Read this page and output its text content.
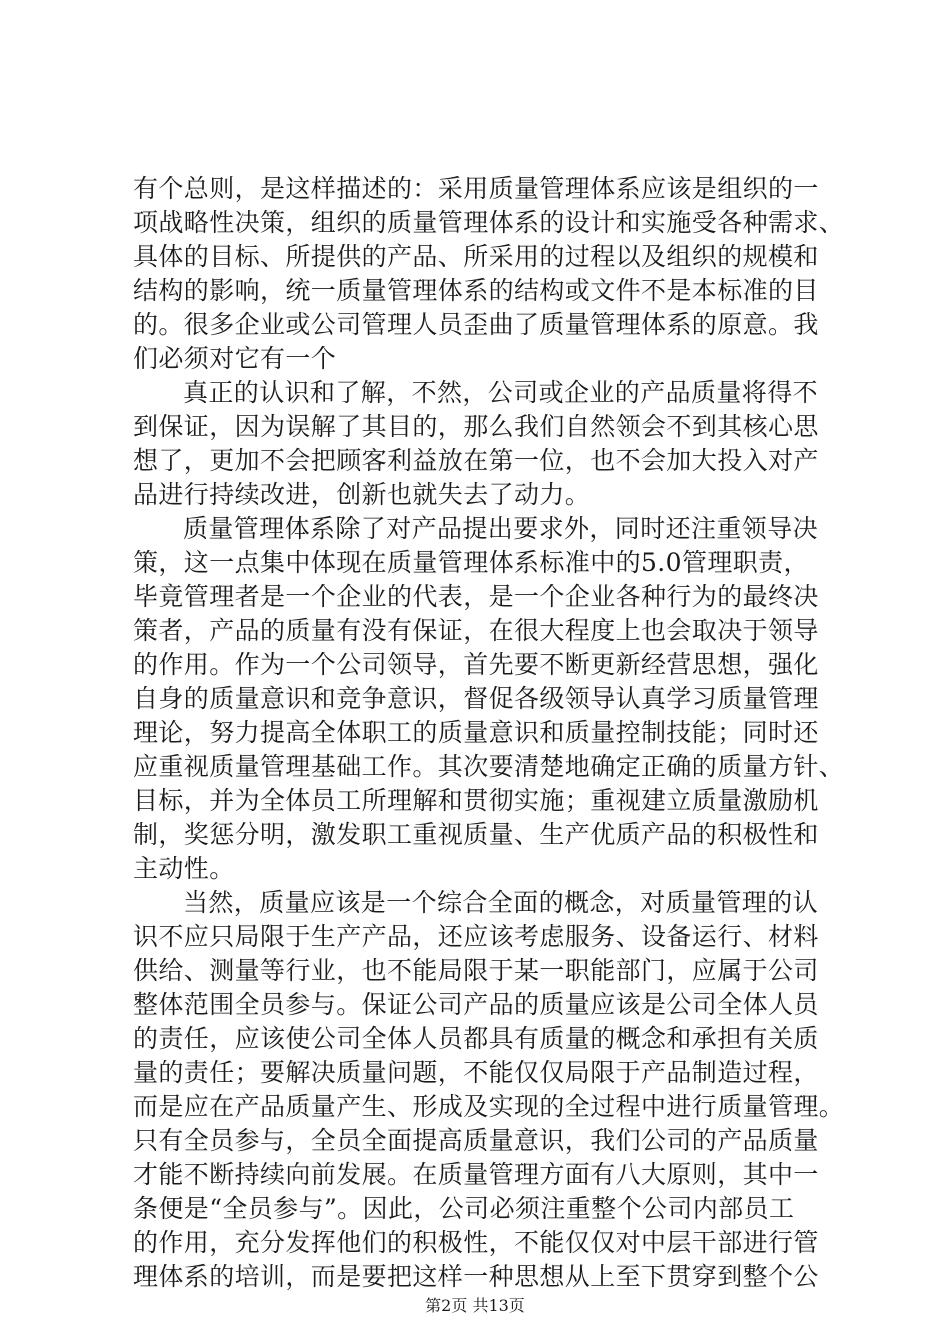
有个总则，是这样描述的：采用质量管理体系应该是组织的一
项战略性决策，组织的质量管理体系的设计和实施受各种需求、
具体的目标、所提供的产品、所采用的过程以及组织的规模和
结构的影响，统一质量管理体系的结构或文件不是本标准的目
的。很多企业或公司管理人员歪曲了质量管理体系的原意。我
们必须对它有一个
真正的认识和了解，不然，公司或企业的产品质量将得不
到保证，因为误解了其目的，那么我们自然领会不到其核心思
想了，更加不会把顾客利益放在第一位，也不会加大投入对产
品进行持续改进，创新也就失去了动力。
质量管理体系除了对产品提出要求外，同时还注重领导决
策，这一点集中体现在质量管理体系标准中的5.0管理职责，
毕竟管理者是一个企业的代表，是一个企业各种行为的最终决
策者，产品的质量有没有保证，在很大程度上也会取决于领导
的作用。作为一个公司领导，首先要不断更新经营思想，强化
自身的质量意识和竞争意识，督促各级领导认真学习质量管理
理论，努力提高全体职工的质量意识和质量控制技能；同时还
应重视质量管理基础工作。其次要清楚地确定正确的质量方针、
目标，并为全体员工所理解和贯彻实施；重视建立质量激励机
制，奖惩分明，激发职工重视质量、生产优质产品的积极性和
主动性。
当然，质量应该是一个综合全面的概念，对质量管理的认
识不应只局限于生产产品，还应该考虑服务、设备运行、材料
供给、测量等行业，也不能局限于某一职能部门，应属于公司
整体范围全员参与。保证公司产品的质量应该是公司全体人员
的责任，应该使公司全体人员都具有质量的概念和承担有关质
量的责任；要解决质量问题，不能仅仅局限于产品制造过程，
而是应在产品质量产生、形成及实现的全过程中进行质量管理。
只有全员参与，全员全面提高质量意识，我们公司的产品质量
才能不断持续向前发展。在质量管理方面有八大原则，其中一
条便是“全员参与”。因此，公司必须注重整个公司内部员工
的作用，充分发挥他们的积极性，不能仅仅对中层干部进行管
理体系的培训，而是要把这样一种思想从上至下贯穿到整个公
第2页 共13页
